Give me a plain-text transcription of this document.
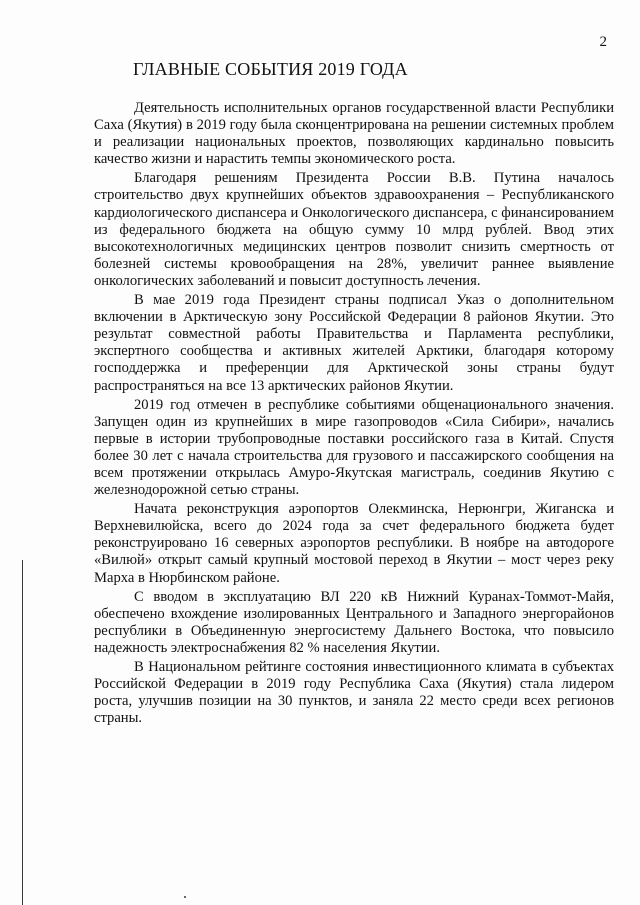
2
ГЛАВНЫЕ СОБЫТИЯ 2019 ГОДА

Деятельность исполнительных органов государственной власти Республики Саха (Якутия) в 2019 году была сконцентрирована на решении системных проблем и реализации национальных проектов, позволяющих кардинально повысить качество жизни и нарастить темпы экономического роста.

Благодаря решениям Президента России В.В. Путина началось строительство двух крупнейших объектов здравоохранения – Республиканского кардиологического диспансера и Онкологического диспансера, с финансированием из федерального бюджета на общую сумму 10 млрд рублей. Ввод этих высокотехнологичных медицинских центров позволит снизить смертность от болезней системы кровообращения на 28%, увеличит раннее выявление онкологических заболеваний и повысит доступность лечения.

В мае 2019 года Президент страны подписал Указ о дополнительном включении в Арктическую зону Российской Федерации 8 районов Якутии. Это результат совместной работы Правительства и Парламента республики, экспертного сообщества и активных жителей Арктики, благодаря которому господдержка и преференции для Арктической зоны страны будут распространяться на все 13 арктических районов Якутии.

2019 год отмечен в республике событиями общенационального значения. Запущен один из крупнейших в мире газопроводов «Сила Сибири», начались первые в истории трубопроводные поставки российского газа в Китай. Спустя более 30 лет с начала строительства для грузового и пассажирского сообщения на всем протяжении открылась Амуро-Якутская магистраль, соединив Якутию с железнодорожной сетью страны.

Начата реконструкция аэропортов Олекминска, Нерюнгри, Жиганска и Верхневилюйска, всего до 2024 года за счет федерального бюджета будет реконструировано 16 северных аэропортов республики. В ноябре на автодороге «Вилюй» открыт самый крупный мостовой переход в Якутии – мост через реку Марха в Нюрбинском районе.

С вводом в эксплуатацию ВЛ 220 кВ Нижний Куранах-Томмот-Майя, обеспечено вхождение изолированных Центрального и Западного энергорайонов республики в Объединенную энергосистему Дальнего Востока, что повысило надежность электроснабжения 82 % населения Якутии.

В Национальном рейтинге состояния инвестиционного климата в субъектах Российской Федерации в 2019 году Республика Саха (Якутия) стала лидером роста, улучшив позиции на 30 пунктов, и заняла 22 место среди всех регионов страны.
